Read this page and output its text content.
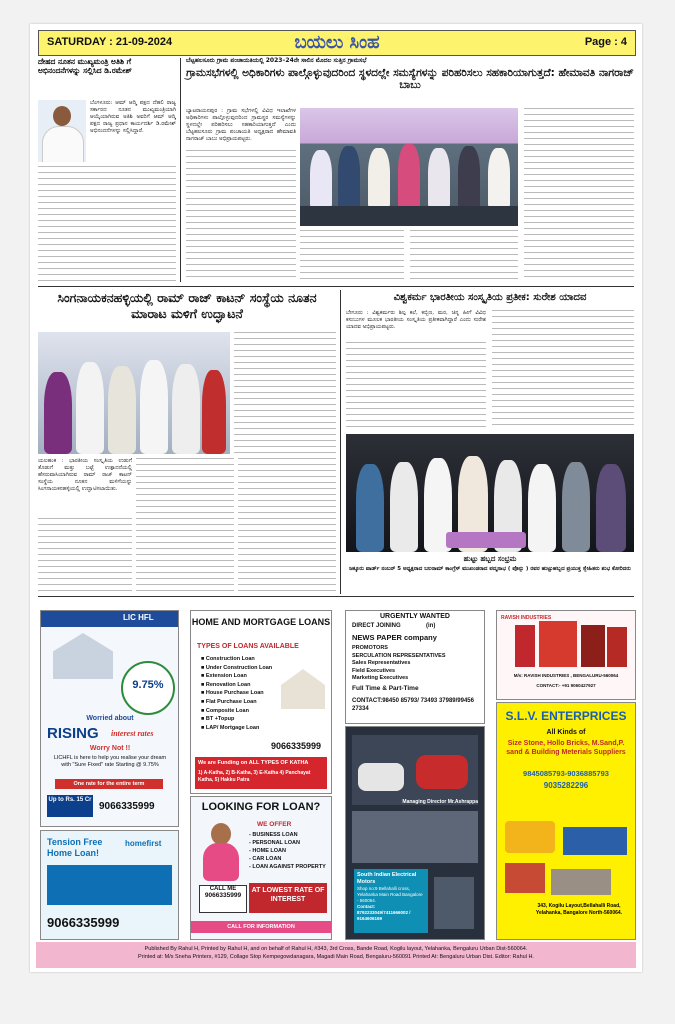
SATURDAY : 21-09-2024	ಬಯಲು ಸಿಂಹ	Page : 4
ದೇಹದ ನೂತನ ಮುಖ್ಯಮಂತ್ರಿ ಅತಿಶಿ ಗೆ ಅಭಿನಂದನೆಗಳನ್ನು ಸಲ್ಲಿಸಿದ ಡಿ.ರಮೇಶ್
ಬೆಂಗಳೂರು: ಆಮ್ ಆದ್ಮಿ ಪಕ್ಷದ ದೆಹಲಿ ರಾಜ್ಯ ಸರ್ಕಾರದ ನೂತನ ಮುಖ್ಯಮಂತ್ರಿಯಾಗಿ ಆಯ್ಕೆಯಾಗಿರುವ ಅತಿಶಿ ಅವರಿಗೆ ಆಮ್ ಆದ್ಮಿ ಪಕ್ಷದ ರಾಜ್ಯ ಪ್ರಧಾನ ಕಾರ್ಯದರ್ಶಿ ಡಿ.ರಮೇಶ್ ಅಭಿನಂದನೆಗಳನ್ನು ಸಲ್ಲಿಸಿದ್ದಾರೆ.
ಬೆಟ್ಟಹಲಸೂರು ಗ್ರಾಮ ಪಂಚಾಯತಿಯಲ್ಲಿ 2023–24ನೇ ಸಾಲಿನ ಮೊದಲ ಸುತ್ತಿನ ಗ್ರಾಮಸಭೆ
ಗ್ರಾಮಸಭೆಗಳಲ್ಲಿ ಅಧಿಕಾರಿಗಳು ಪಾಲ್ಗೊಳ್ಳುವುದರಿಂದ ಸ್ಥಳದಲ್ಲೇ ಸಮಸ್ಯೆಗಳನ್ನು ಪರಿಹರಿಸಲು ಸಹಕಾರಿಯಾಗುತ್ತದೆ: ಹೇಮಾವತಿ ನಾಗರಾಜ್ ಬಾಬು
ಬ್ಯಾಟರಾಯನಪುರ : ಗ್ರಾಮ ಸಭೆಗಳಲ್ಲಿ ವಿವಿಧ ಇಲಾಖೆಗಳ ಅಧಿಕಾರಿಗಳು ಪಾಲ್ಗೊಳ್ಳುವುದರಿಂದ ಗ್ರಾಮಸ್ಥರ ಸಮಸ್ಯೆಗಳನ್ನು ಸ್ಥಳದಲ್ಲೇ ಪರಿಹರಿಸಲು ಸಹಕಾರಿಯಾಗುತ್ತದೆ ಎಂದು ಬೆಟ್ಟಹಲಸೂರು ಗ್ರಾಮ ಪಂಚಾಯತಿ ಅಧ್ಯಕ್ಷರಾದ ಹೇಮಾವತಿ ನಾಗರಾಜ್ ಬಾಬು ಅಭಿಪ್ರಾಯಪಟ್ಟರು.
ಸಿಂಗನಾಯಕನಹಳ್ಳಿಯಲ್ಲಿ ರಾಮ್ ರಾಜ್ ಕಾಟನ್ ಸಂಸ್ಥೆಯ ನೂತನ ಮಾರಾಟ ಮಳಿಗೆ ಉದ್ಘಾಟನೆ
ಯಲಹಂಕ : ಭಾರತೀಯ ಸಂಸ್ಕೃತಿಯ ಉಡುಗೆ ತೊಡುಗೆ ಮತ್ತು ಬಟ್ಟೆ ಉತ್ಪಾದನೆಯಲ್ಲಿ ಹೆಸರುವಾಸಿಯಾಗಿರುವ ರಾಮ್ ರಾಜ್ ಕಾಟನ್ ಸಂಸ್ಥೆಯ ನೂತನ ಮಳಿಗೆಯನ್ನು ಸಿಂಗನಾಯಕನಹಳ್ಳಿಯಲ್ಲಿ ಉದ್ಘಾಟಿಸಲಾಯಿತು.
ವಿಶ್ವಕರ್ಮ ಭಾರತೀಯ ಸಂಸ್ಕೃತಿಯ ಪ್ರತೀಕ: ಸುರೇಶ ಯಾದವ
ಬೇಗೂರು : ವಿಶ್ವಕರ್ಮರು ಶಿಲ್ಪ ಕಲೆ, ಕಬ್ಬಿಣ, ಮರ, ಚಿನ್ನ ಹೀಗೆ ವಿವಿಧ ಕಸುಬುಗಳ ಮೂಲಕ ಭಾರತೀಯ ಸಂಸ್ಕೃತಿಯ ಪ್ರತೀಕವಾಗಿದ್ದಾರೆ ಎಂದು ಸುರೇಶ ಯಾದವ ಅಭಿಪ್ರಾಯಪಟ್ಟರು.
ಹುಟ್ಟು ಹಬ್ಬದ ಸಂಭ್ರಮ
ಜಕ್ಕೂರು ವಾರ್ಡ್ ನಂಬರ್ 5 ಅಧ್ಯಕ್ಷರಾದ ಬಲರಾಮ್ ಕಾಂಗ್ರೆಸ್ ಮುಖಂಡರಾದ ಪದ್ಮನಾಭ ( ಪೊನ್ನು ) ರವರ ಹುಟ್ಟುಹಬ್ಬದ ಪ್ರಯುಕ್ತ ಸ್ನೇಹಿತರು ಶುಭ ಕೋರಿದರು
LIC HFL
9.75%
Worried about
RISING interest rates
Worry Not !!
LICHFL is here to help you realise your dream with "Sure Fixed" rate Starting @ 9.75%
One rate for the entire term
Up to Rs. 15 Cr
9066335999
Tension Free Home Loan!
homefirst
9066335999
HOME AND MORTGAGE LOANS
TYPES OF LOANS AVAILABLE
■ Construction Loan
■ Under Construction Loan
■ Extension Loan
■ Renovation Loan
■ House Purchase Loan
■ Flat Purchase Loan
■ Composite Loan
■ BT +Topup
■ LAP/ Mortgage Loan
9066335999
We are Funding on ALL TYPES OF KATHA
1) A-Katha, 2) B-Katha, 3) E-Katha 4) Panchayat Katha, 5) Hakku Patra
LOOKING FOR LOAN?
WE OFFER
- BUSINESS LOAN
- PERSONAL LOAN
- HOME LOAN
- CAR LOAN
- LOAN AGAINST PROPERTY
CALL ME
9066335999
AT LOWEST RATE OF INTEREST
CALL FOR INFORMATION
URGENTLY WANTED
DIRECT JOINING	(in)
NEWS PAPER company
PROMOTORS
SERCULATION REPRESENTATIVES
Sales Representatives
Field Executives
Marketing Executives
Full Time & Part-Time
CONTACT:98450 85793/ 73493 37989/99456 27334
Managing Director Mr.Ashrappa
South Indian Electrical Motors
Shop no:9 Bellahalli cross, Yelahanka Main Road Bangalore - 560064.
Contact: 8792233049/7411666002 / 9164606169
RAVISH INDUSTRIES
M/s: RAVISH INDUSTRIES , BENGALURU-560064
CONTACT:- +91 9060427927
S.L.V. ENTERPRICES
All Kinds of
Size Stone, Hollo Bricks, M.Sand,P. sand & Building Meterials Suppliers
9845085793-9036885793
9035282296
343, Kogilu Layout,Bellahalli Road, Yelahanka, Bangalore North-560064.
Published By Rahul H, Printed by Rahul H, and on behalf of Rahul H, #343, 3rd Cross, Bande Road, Kogilu layout, Yelahanka, Bengaluru Urban Dist-560064.
Printed at: M/s Sneha Printers, #129, Collage Stop Kempegowdanagara, Magadi Main Road, Bengaluru-560091 Printed At: Bengaluru Urban Dist. Editor: Rahul H.
